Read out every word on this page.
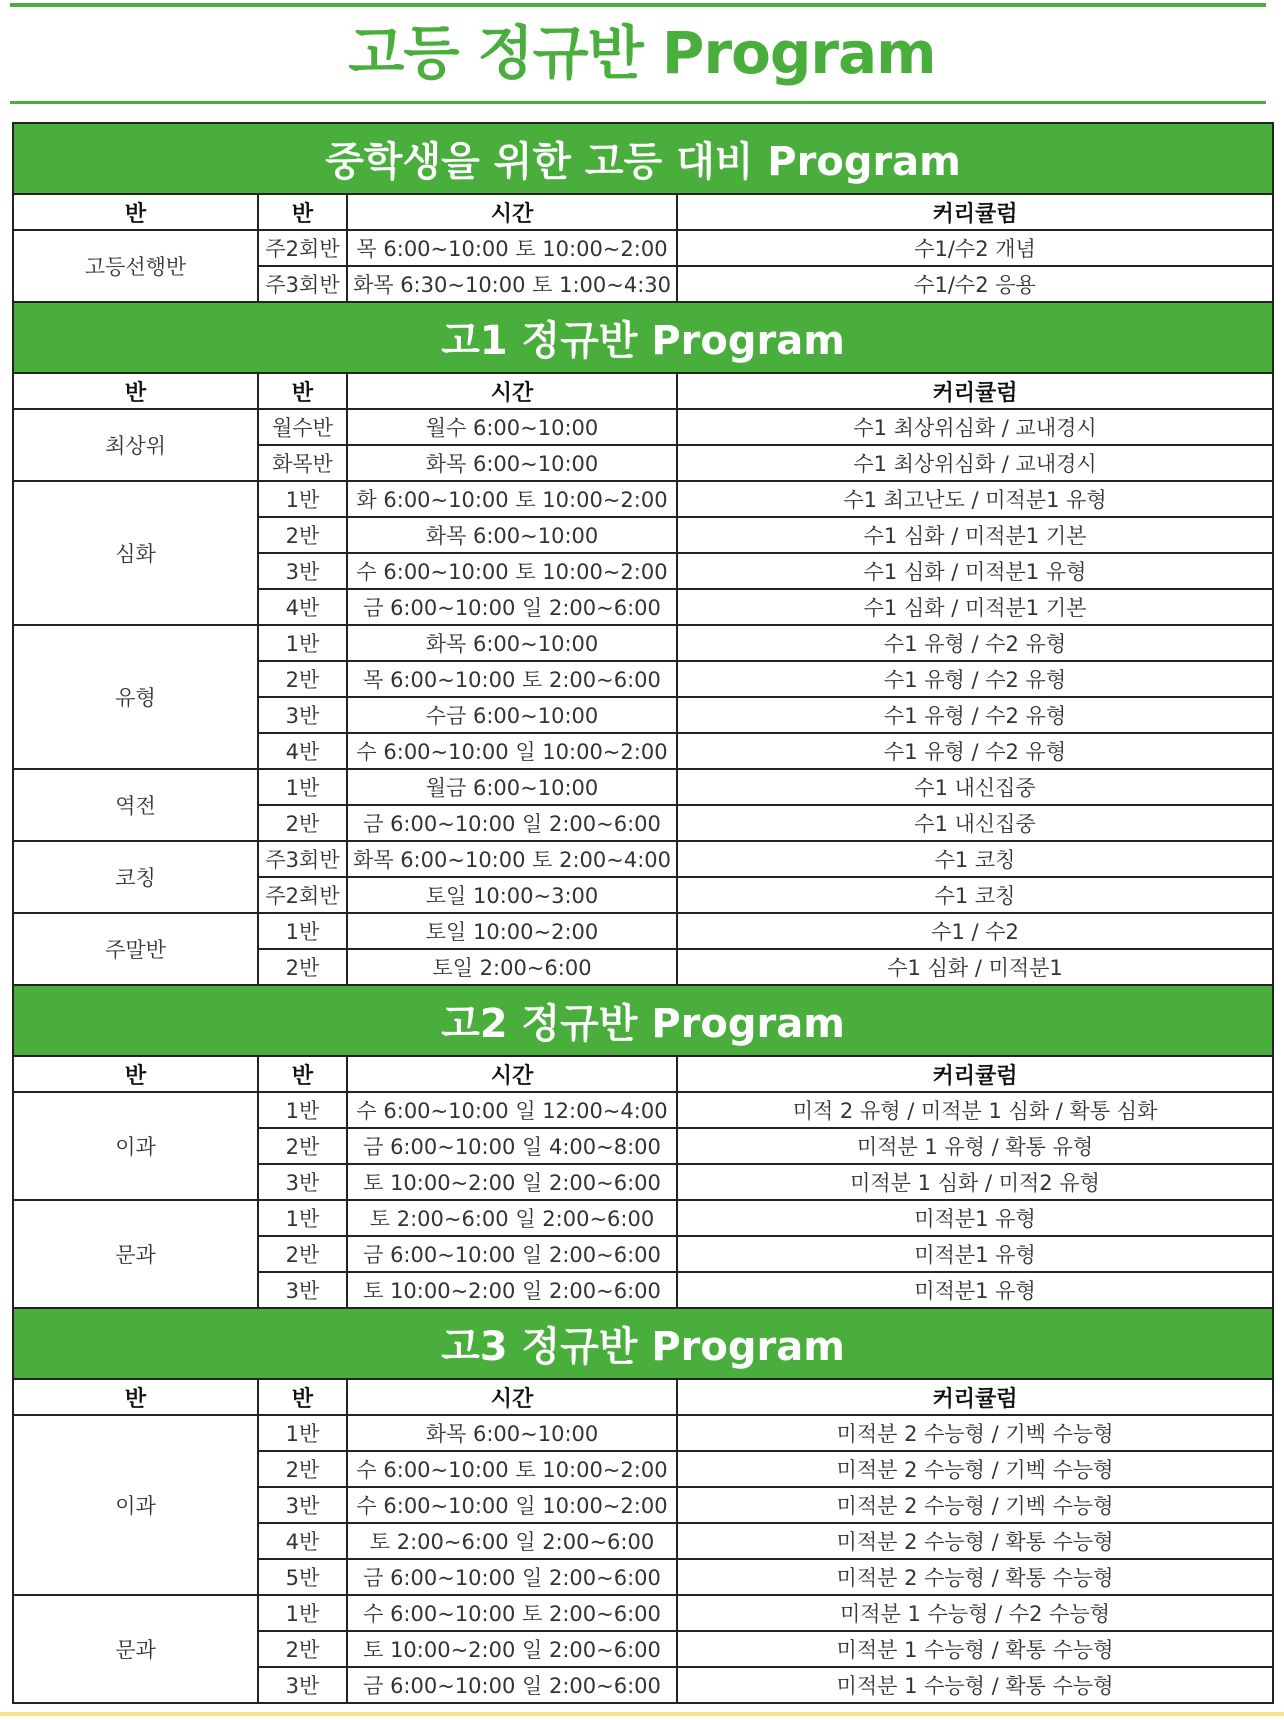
고등 정규반 Program
중학생을 위한 고등 대비 Program			
반	반	시간	커리큘럼
고등선행반	주2회반	목 6:00~10:00 토 10:00~2:00	수1/수2 개념
	주3회반	화목 6:30~10:00 토 1:00~4:30	수1/수2 응용
고1 정규반 Program			
반	반	시간	커리큘럼
최상위	월수반	월수 6:00~10:00	수1 최상위심화 / 교내경시
	화목반	화목 6:00~10:00	수1 최상위심화 / 교내경시
심화	1반	화 6:00~10:00 토 10:00~2:00	수1 최고난도 / 미적분1 유형
	2반	화목 6:00~10:00	수1 심화 / 미적분1 기본
	3반	수 6:00~10:00 토 10:00~2:00	수1 심화 / 미적분1 유형
	4반	금 6:00~10:00 일 2:00~6:00	수1 심화 / 미적분1 기본
유형	1반	화목 6:00~10:00	수1 유형 / 수2 유형
	2반	목 6:00~10:00 토 2:00~6:00	수1 유형 / 수2 유형
	3반	수금 6:00~10:00	수1 유형 / 수2 유형
	4반	수 6:00~10:00 일 10:00~2:00	수1 유형 / 수2 유형
역전	1반	월금 6:00~10:00	수1 내신집중
	2반	금 6:00~10:00 일 2:00~6:00	수1 내신집중
코칭	주3회반	화목 6:00~10:00 토 2:00~4:00	수1 코칭
	주2회반	토일 10:00~3:00	수1 코칭
주말반	1반	토일 10:00~2:00	수1 / 수2
	2반	토일 2:00~6:00	수1 심화 / 미적분1
고2 정규반 Program			
반	반	시간	커리큘럼
이과	1반	수 6:00~10:00 일 12:00~4:00	미적 2 유형 / 미적분 1 심화 / 확통 심화
	2반	금 6:00~10:00 일 4:00~8:00	미적분 1 유형 / 확통 유형
	3반	토 10:00~2:00 일 2:00~6:00	미적분 1 심화 / 미적2 유형
문과	1반	토 2:00~6:00 일 2:00~6:00	미적분1 유형
	2반	금 6:00~10:00 일 2:00~6:00	미적분1 유형
	3반	토 10:00~2:00 일 2:00~6:00	미적분1 유형
고3 정규반 Program			
반	반	시간	커리큘럼
이과	1반	화목 6:00~10:00	미적분 2 수능형 / 기벡 수능형
	2반	수 6:00~10:00 토 10:00~2:00	미적분 2 수능형 / 기벡 수능형
	3반	수 6:00~10:00 일 10:00~2:00	미적분 2 수능형 / 기벡 수능형
	4반	토 2:00~6:00 일 2:00~6:00	미적분 2 수능형 / 확통 수능형
	5반	금 6:00~10:00 일 2:00~6:00	미적분 2 수능형 / 확통 수능형
문과	1반	수 6:00~10:00 토 2:00~6:00	미적분 1 수능형 / 수2 수능형
	2반	토 10:00~2:00 일 2:00~6:00	미적분 1 수능형 / 확통 수능형
	3반	금 6:00~10:00 일 2:00~6:00	미적분 1 수능형 / 확통 수능형
